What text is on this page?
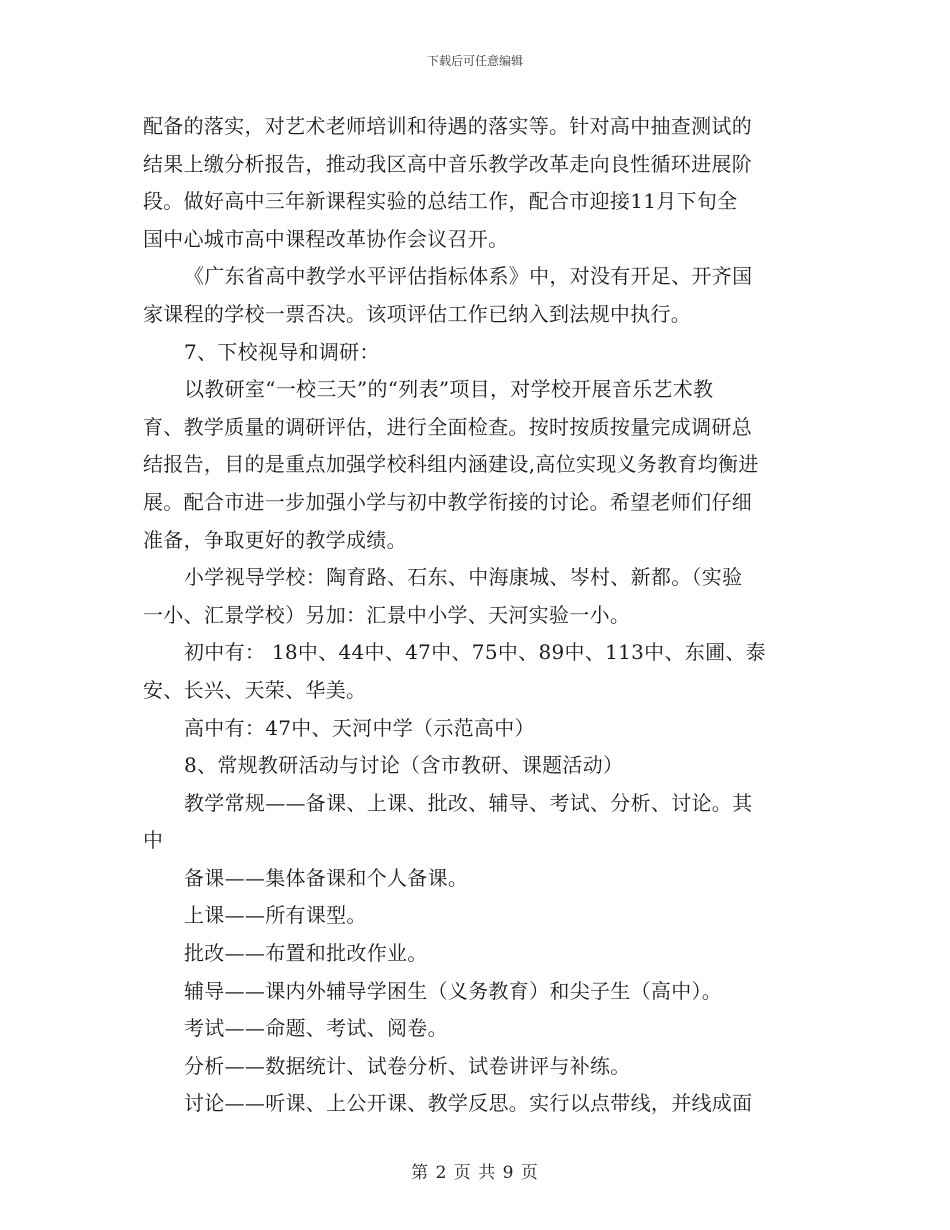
下载后可任意编辑
配备的落实，对艺术老师培训和待遇的落实等。针对高中抽查测试的
结果上缴分析报告，推动我区高中音乐教学改革走向良性循环进展阶
段。做好高中三年新课程实验的总结工作，配合市迎接11月下旬全
国中心城市高中课程改革协作会议召开。
《广东省高中教学水平评估指标体系》中，对没有开足、开齐国
家课程的学校一票否决。该项评估工作已纳入到法规中执行。
7、下校视导和调研：
以教研室“一校三天”的“列表”项目，对学校开展音乐艺术教
育、教学质量的调研评估，进行全面检查。按时按质按量完成调研总
结报告，目的是重点加强学校科组内涵建设,高位实现义务教育均衡进
展。配合市进一步加强小学与初中教学衔接的讨论。希望老师们仔细
准备，争取更好的教学成绩。
小学视导学校：陶育路、石东、中海康城、岑村、新都。（实验
一小、汇景学校）另加：汇景中小学、天河实验一小。
初中有： 18中、44中、47中、75中、89中、113中、东圃、泰
安、长兴、天荣、华美。
高中有：47中、天河中学（示范高中）
8、常规教研活动与讨论（含市教研、课题活动）
教学常规——备课、上课、批改、辅导、考试、分析、讨论。其
中
备课——集体备课和个人备课。
上课——所有课型。
批改——布置和批改作业。
辅导——课内外辅导学困生（义务教育）和尖子生（高中）。
考试——命题、考试、阅卷。
分析——数据统计、试卷分析、试卷讲评与补练。
讨论——听课、上公开课、教学反思。实行以点带线，并线成面
第 2 页 共 9 页
